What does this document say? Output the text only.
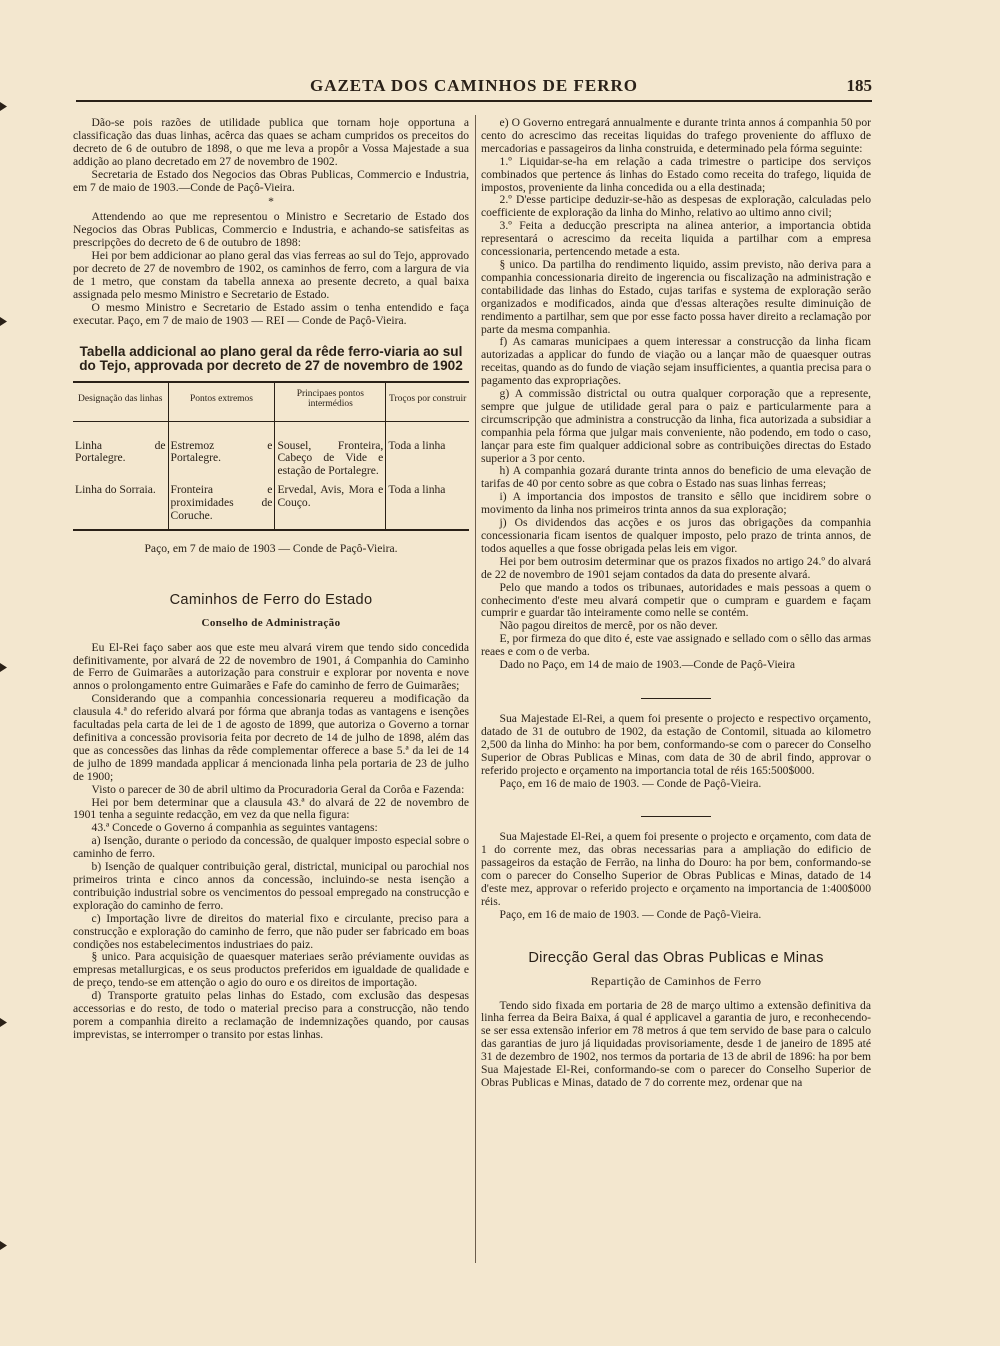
GAZETA DOS CAMINHOS DE FERRO	185

Dão-se pois razões de utilidade publica que tornam hoje opportuna a classificação das duas linhas, acêrca das quaes se acham cumpridos os preceitos do decreto de 6 de outubro de 1898, o que me leva a propôr a Vossa Majestade a sua addição ao plano decretado em 27 de novembro de 1902.

Secretaria de Estado dos Negocios das Obras Publicas, Commercio e Industria, em 7 de maio de 1903.—Conde de Paçô-Vieira.

*

Attendendo ao que me representou o Ministro e Secretario de Estado dos Negocios das Obras Publicas, Commercio e Industria, e achando-se satisfeitas as prescripções do decreto de 6 de outubro de 1898:

Hei por bem addicionar ao plano geral das vias ferreas ao sul do Tejo, approvado por decreto de 27 de novembro de 1902, os caminhos de ferro, com a largura de via de 1 metro, que constam da tabella annexa ao presente decreto, a qual baixa assignada pelo mesmo Ministro e Secretario de Estado.

O mesmo Ministro e Secretario de Estado assim o tenha entendido e faça executar. Paço, em 7 de maio de 1903 — REI — Conde de Paçô-Vieira.

Tabella addicional ao plano geral da rêde ferro-viaria ao sul do Tejo, approvada por decreto de 27 de novembro de 1902
Designação das linhas	Pontos extremos	Principaes pontos intermédios	Troços por construir
Linha de Portalegre.	Estremoz e Portalegre.	Sousel, Fronteira, Cabeço de Vide e estação de Portalegre.	Toda a linha
Linha do Sorraia.	Fronteira e proximidades de Coruche.	Ervedal, Avis, Mora e Couço.	Toda a linha
Paço, em 7 de maio de 1903 — Conde de Paçô-Vieira.
Caminhos de Ferro do Estado
Conselho de Administração

Eu El-Rei faço saber aos que este meu alvará virem que tendo sido concedida definitivamente, por alvará de 22 de novembro de 1901, á Companhia do Caminho de Ferro de Guimarães a autorização para construir e explorar por noventa e nove annos o prolongamento entre Guimarães e Fafe do caminho de ferro de Guimarães;

Considerando que a companhia concessionaria requereu a modificação da clausula 4.ª do referido alvará por fórma que abranja todas as vantagens e isenções facultadas pela carta de lei de 1 de agosto de 1899, que autoriza o Governo a tornar definitiva a concessão provisoria feita por decreto de 14 de julho de 1898, além das que as concessões das linhas da rêde complementar offerece a base 5.ª da lei de 14 de julho de 1899 mandada applicar á mencionada linha pela portaria de 23 de julho de 1900;

Visto o parecer de 30 de abril ultimo da Procuradoria Geral da Corôa e Fazenda:

Hei por bem determinar que a clausula 43.ª do alvará de 22 de novembro de 1901 tenha a seguinte redacção, em vez da que nella figura:

43.ª Concede o Governo á companhia as seguintes vantagens:

a) Isenção, durante o periodo da concessão, de qualquer imposto especial sobre o caminho de ferro.

b) Isenção de qualquer contribuição geral, districtal, municipal ou parochial nos primeiros trinta e cinco annos da concessão, incluindo-se nesta isenção a contribuição industrial sobre os vencimentos do pessoal empregado na construcção e exploração do caminho de ferro.

c) Importação livre de direitos do material fixo e circulante, preciso para a construcção e exploração do caminho de ferro, que não puder ser fabricado em boas condições nos estabelecimentos industriaes do paiz.

§ unico. Para acquisição de quaesquer materiaes serão préviamente ouvidas as empresas metallurgicas, e os seus productos preferidos em igualdade de qualidade e de preço, tendo-se em attenção o agio do ouro e os direitos de importação.

d) Transporte gratuito pelas linhas do Estado, com exclusão das despesas accessorias e do resto, de todo o material preciso para a construcção, não tendo porem a companhia direito a reclamação de indemnizações quando, por causas imprevistas, se interromper o transito por estas linhas.

e) O Governo entregará annualmente e durante trinta annos á companhia 50 por cento do acrescimo das receitas liquidas do trafego proveniente do affluxo de mercadorias e passageiros da linha construida, e determinado pela fórma seguinte:

1.º Liquidar-se-ha em relação a cada trimestre o participe dos serviços combinados que pertence ás linhas do Estado como receita do trafego, liquida de impostos, proveniente da linha concedida ou a ella destinada;

2.º D'esse participe deduzir-se-hão as despesas de exploração, calculadas pelo coefficiente de exploração da linha do Minho, relativo ao ultimo anno civil;

3.º Feita a deducção prescripta na alinea anterior, a importancia obtida representará o acrescimo da receita liquida a partilhar com a empresa concessionaria, pertencendo metade a esta.

§ unico. Da partilha do rendimento liquido, assim previsto, não deriva para a companhia concessionaria direito de ingerencia ou fiscalização na administração e contabilidade das linhas do Estado, cujas tarifas e systema de exploração serão organizados e modificados, ainda que d'essas alterações resulte diminuição de rendimento a partilhar, sem que por esse facto possa haver direito a reclamação por parte da mesma companhia.

f) As camaras municipaes a quem interessar a construcção da linha ficam autorizadas a applicar do fundo de viação ou a lançar mão de quaesquer outras receitas, quando as do fundo de viação sejam insufficientes, a quantia precisa para o pagamento das expropriações.

g) A commissão districtal ou outra qualquer corporação que a represente, sempre que julgue de utilidade geral para o paiz e particularmente para a circumscripção que administra a construcção da linha, fica autorizada a subsidiar a companhia pela fórma que julgar mais conveniente, não podendo, em todo o caso, lançar para este fim qualquer addicional sobre as contribuições directas do Estado superior a 3 por cento.

h) A companhia gozará durante trinta annos do beneficio de uma elevação de tarifas de 40 por cento sobre as que cobra o Estado nas suas linhas ferreas;

i) A importancia dos impostos de transito e sêllo que incidirem sobre o movimento da linha nos primeiros trinta annos da sua exploração;

j) Os dividendos das acções e os juros das obrigações da companhia concessionaria ficam isentos de qualquer imposto, pelo prazo de trinta annos, de todos aquelles a que fosse obrigada pelas leis em vigor.

Hei por bem outrosim determinar que os prazos fixados no artigo 24.º do alvará de 22 de novembro de 1901 sejam contados da data do presente alvará.

Pelo que mando a todos os tribunaes, autoridades e mais pessoas a quem o conhecimento d'este meu alvará competir que o cumpram e guardem e façam cumprir e guardar tão inteiramente como nelle se contém.

Não pagou direitos de mercê, por os não dever.

E, por firmeza do que dito é, este vae assignado e sellado com o sêllo das armas reaes e com o de verba.

Dado no Paço, em 14 de maio de 1903.—Conde de Paçô-Vieira

Sua Majestade El-Rei, a quem foi presente o projecto e respectivo orçamento, datado de 31 de outubro de 1902, da estação de Contomil, situada ao kilometro 2,500 da linha do Minho: ha por bem, conformando-se com o parecer do Conselho Superior de Obras Publicas e Minas, com data de 30 de abril findo, approvar o referido projecto e orçamento na importancia total de réis 165:500$000.

Paço, em 16 de maio de 1903. — Conde de Paçô-Vieira.

Sua Majestade El-Rei, a quem foi presente o projecto e orçamento, com data de 1 do corrente mez, das obras necessarias para a ampliação do edificio de passageiros da estação de Ferrão, na linha do Douro: ha por bem, conformando-se com o parecer do Conselho Superior de Obras Publicas e Minas, datado de 14 d'este mez, approvar o referido projecto e orçamento na importancia de 1:400$000 réis.

Paço, em 16 de maio de 1903. — Conde de Paçô-Vieira.

Direcção Geral das Obras Publicas e Minas
Repartição de Caminhos de Ferro

Tendo sido fixada em portaria de 28 de março ultimo a extensão definitiva da linha ferrea da Beira Baixa, á qual é applicavel a garantia de juro, e reconhecendo-se ser essa extensão inferior em 78 metros á que tem servido de base para o calculo das garantias de juro já liquidadas provisoriamente, desde 1 de janeiro de 1895 até 31 de dezembro de 1902, nos termos da portaria de 13 de abril de 1896: ha por bem Sua Majestade El-Rei, conformando-se com o parecer do Conselho Superior de Obras Publicas e Minas, datado de 7 do corrente mez, ordenar que na
